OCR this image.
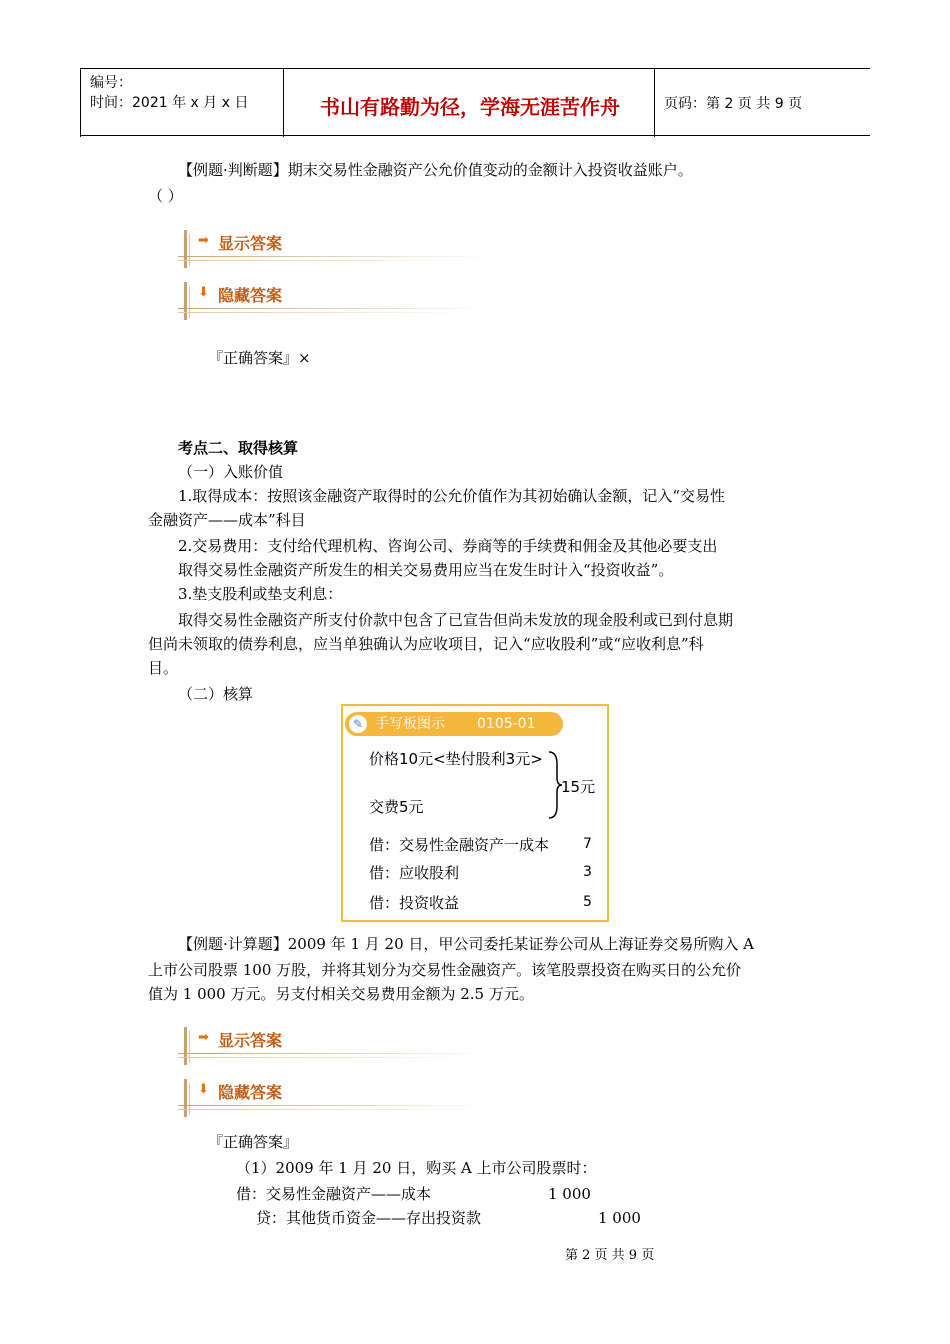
编号：
时间：2021 年 x 月 x 日	书山有路勤为径，学海无涯苦作舟	页码：第 2 页 共 9 页
【例题·判断题】期末交易性金融资产公允价值变动的金额计入投资收益账户。
（ ）
➡ 显示答案
⬇ 隐藏答案
『正确答案』×
考点二、取得核算
（一）入账价值
1.取得成本：按照该金融资产取得时的公允价值作为其初始确认金额，记入“交易性
金融资产——成本”科目
2.交易费用：支付给代理机构、咨询公司、券商等的手续费和佣金及其他必要支出
取得交易性金融资产所发生的相关交易费用应当在发生时计入“投资收益”。
3.垫支股利或垫支利息：
取得交易性金融资产所支付价款中包含了已宣告但尚未发放的现金股利或已到付息期
但尚未领取的债券利息，应当单独确认为应收项目，记入“应收股利”或“应收利息”科
目。
（二）核算
✎ 手写板图示 0105-01
价格10元<垫付股利3元>
交费5元
15元
借：交易性金融资产一成本 7
借：应收股利	3
借：投资收益	5
【例题·计算题】2009 年 1 月 20 日，甲公司委托某证券公司从上海证券交易所购入 A
上市公司股票 100 万股，并将其划分为交易性金融资产。该笔股票投资在购买日的公允价
值为 1 000 万元。另支付相关交易费用金额为 2.5 万元。
➡ 显示答案
⬇ 隐藏答案
『正确答案』
（1）2009 年 1 月 20 日，购买 A 上市公司股票时：
借：交易性金融资产——成本	1 000
贷：其他货币资金——存出投资款	1 000
第 2 页 共 9 页
